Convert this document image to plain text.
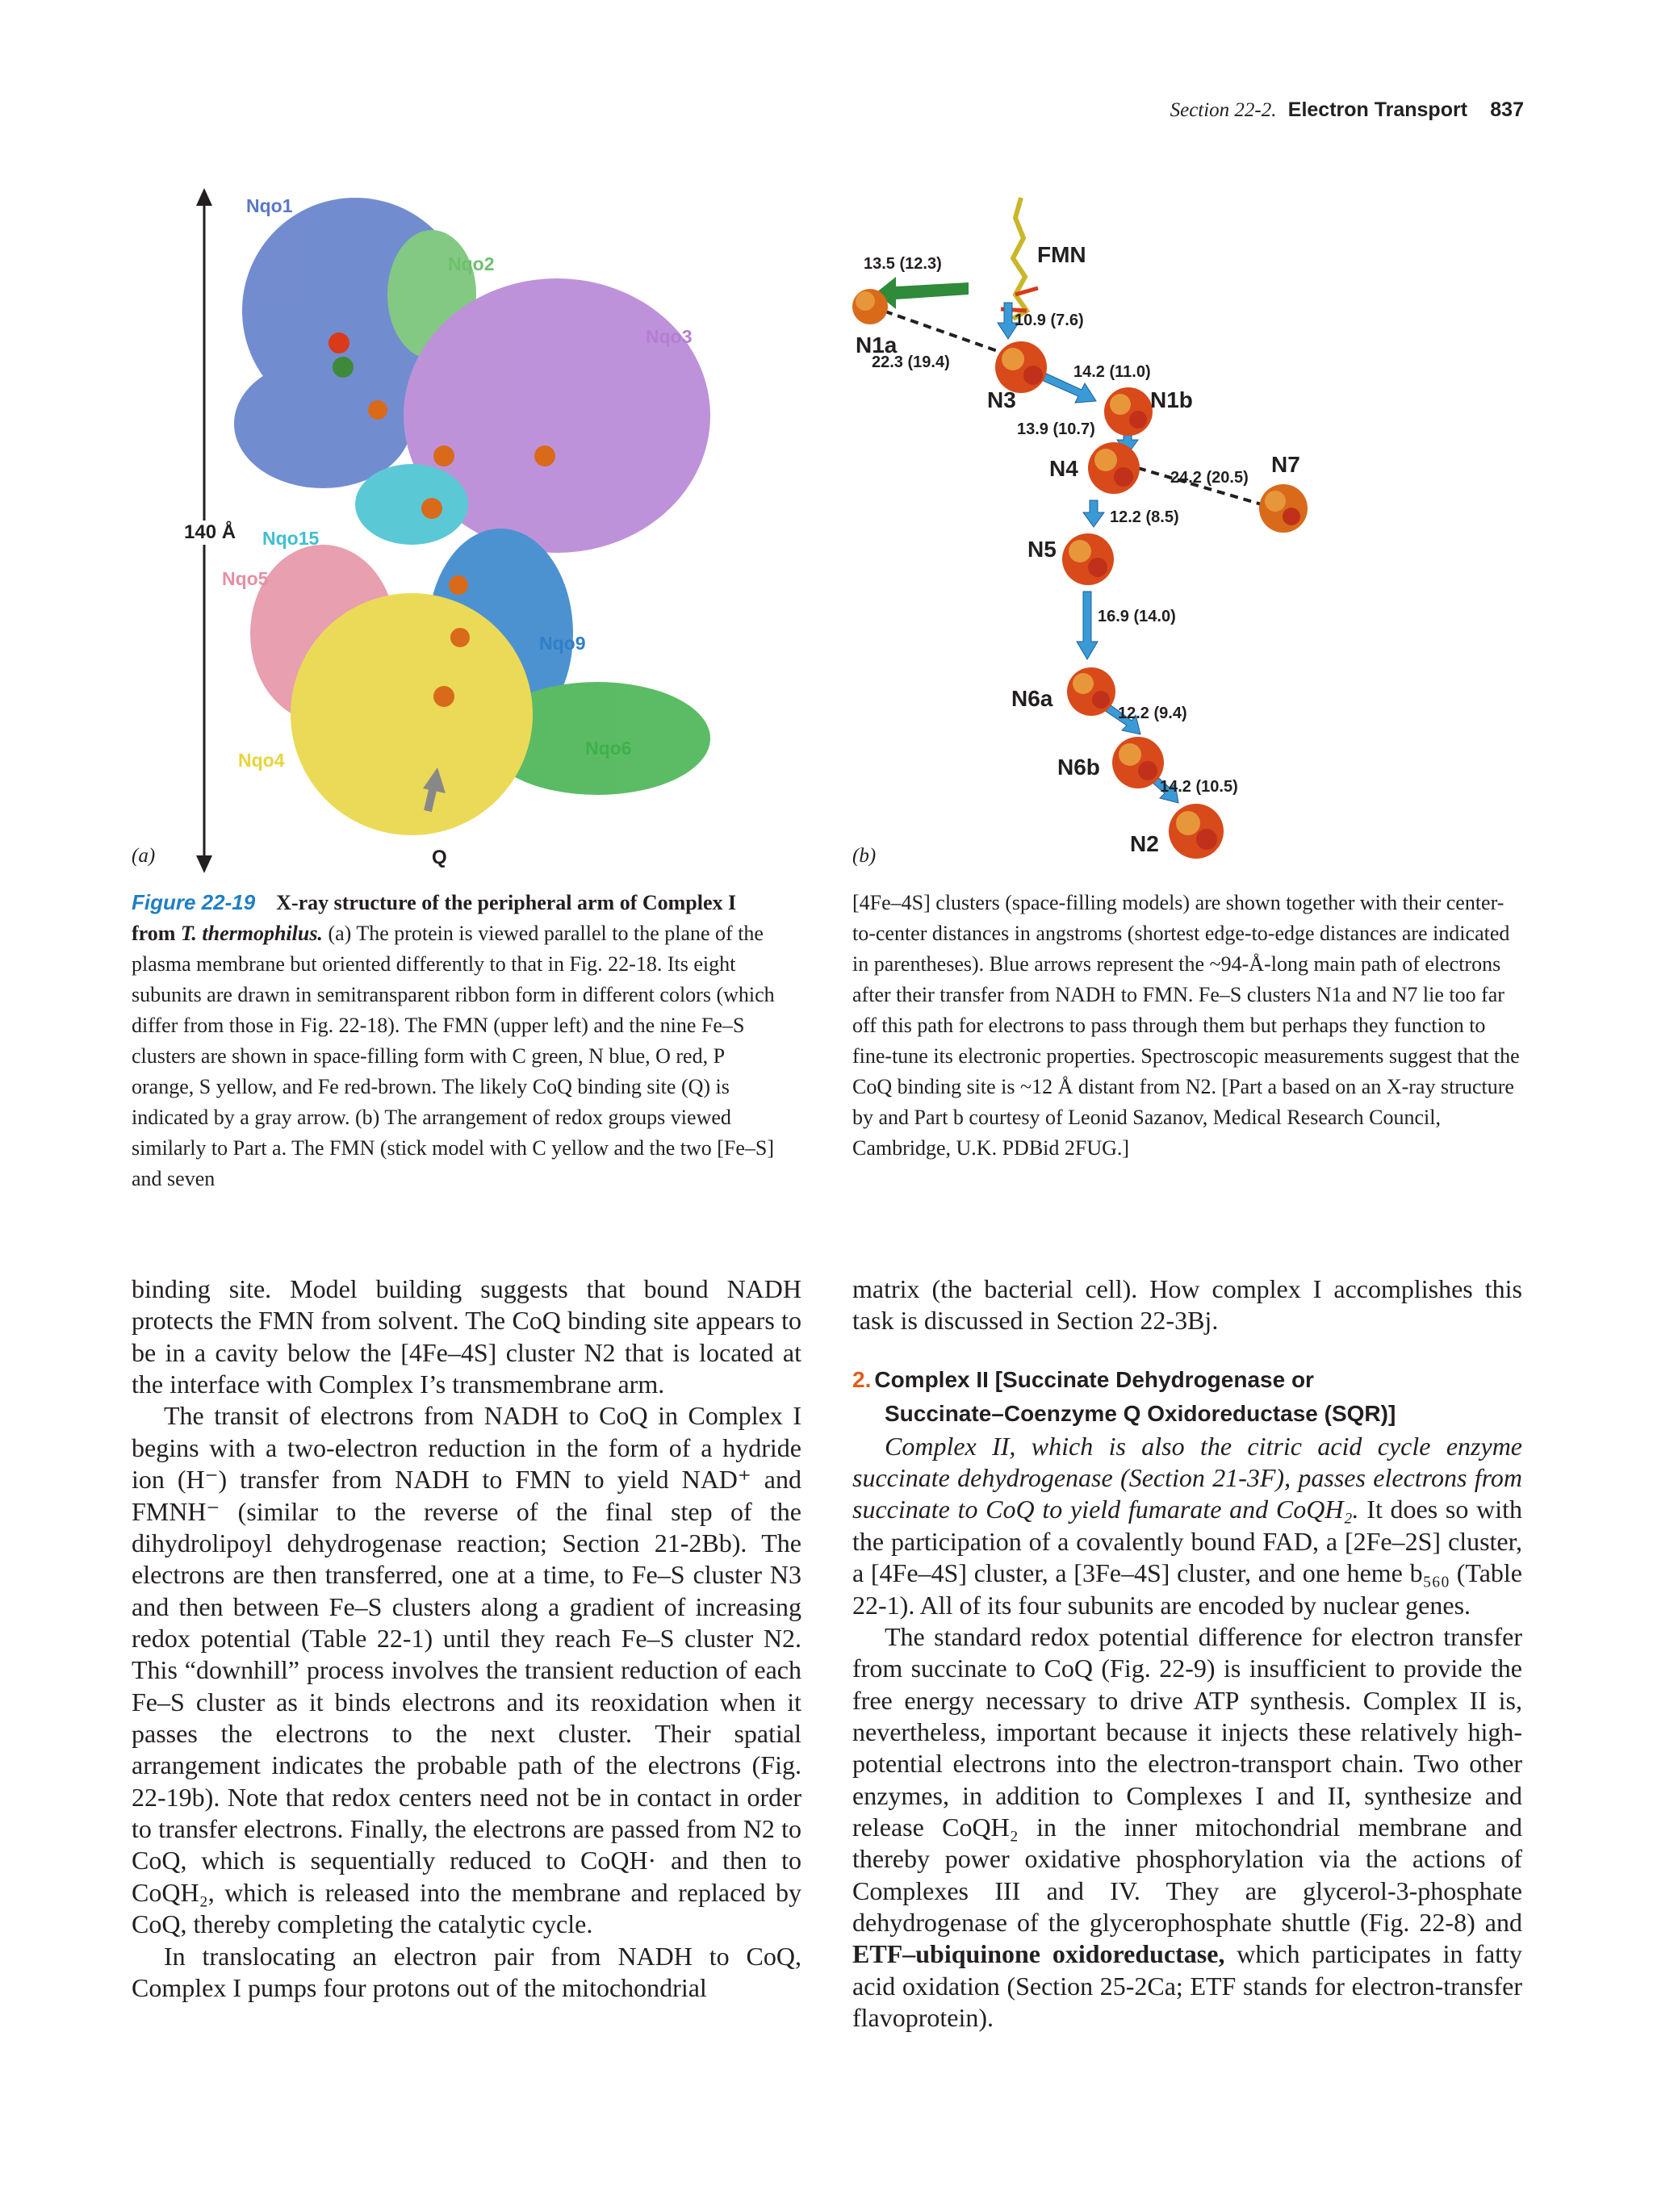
Section 22-2. Electron Transport 837
140 Å
Q
Nqo1
Nqo2
Nqo3
Nqo15
Nqo5
Nqo9
Nqo6
Nqo4
(a)
FMN
N1a
N3	N1b
N4	N7
N5
N6a
N6b
N2
13.5 (12.3)
10.9 (7.6)
22.3 (19.4)
14.2 (11.0)
13.9 (10.7)
24.2 (20.5)
12.2 (8.5)
16.9 (14.0)
12.2 (9.4)
14.2 (10.5)
(b)

Figure 22-19 X-ray structure of the peripheral arm of Complex I from T. thermophilus. (a) The protein is viewed parallel to the plane of the plasma membrane but oriented differently to that in Fig. 22-18. Its eight subunits are drawn in semitransparent ribbon form in different colors (which differ from those in Fig. 22-18). The FMN (upper left) and the nine Fe–S clusters are shown in space-filling form with C green, N blue, O red, P orange, S yellow, and Fe red-brown. The likely CoQ binding site (Q) is indicated by a gray arrow. (b) The arrangement of redox groups viewed similarly to Part a. The FMN (stick model with C yellow and the two [Fe–S] and seven

[4Fe–4S] clusters (space-filling models) are shown together with their center-to-center distances in angstroms (shortest edge-to-edge distances are indicated in parentheses). Blue arrows represent the ~94-Å-long main path of electrons after their transfer from NADH to FMN. Fe–S clusters N1a and N7 lie too far off this path for electrons to pass through them but perhaps they function to fine-tune its electronic properties. Spectroscopic measurements suggest that the CoQ binding site is ~12 Å distant from N2. [Part a based on an X-ray structure by and Part b courtesy of Leonid Sazanov, Medical Research Council, Cambridge, U.K. PDBid 2FUG.]

binding site. Model building suggests that bound NADH protects the FMN from solvent. The CoQ binding site appears to be in a cavity below the [4Fe–4S] cluster N2 that is located at the interface with Complex I’s transmembrane arm.

The transit of electrons from NADH to CoQ in Complex I begins with a two-electron reduction in the form of a hydride ion (H⁻) transfer from NADH to FMN to yield NAD⁺ and FMNH⁻ (similar to the reverse of the final step of the dihydrolipoyl dehydrogenase reaction; Section 21-2Bb). The electrons are then transferred, one at a time, to Fe–S cluster N3 and then between Fe–S clusters along a gradient of increasing redox potential (Table 22-1) until they reach Fe–S cluster N2. This “downhill” process involves the transient reduction of each Fe–S cluster as it binds electrons and its reoxidation when it passes the electrons to the next cluster. Their spatial arrangement indicates the probable path of the electrons (Fig. 22-19b). Note that redox centers need not be in contact in order to transfer electrons. Finally, the electrons are passed from N2 to CoQ, which is sequentially reduced to CoQH· and then to CoQH₂, which is released into the membrane and replaced by CoQ, thereby completing the catalytic cycle.

In translocating an electron pair from NADH to CoQ, Complex I pumps four protons out of the mitochondrial

matrix (the bacterial cell). How complex I accomplishes this task is discussed in Section 22-3Bj.

2. Complex II [Succinate Dehydrogenase or
Succinate–Coenzyme Q Oxidoreductase (SQR)]

Complex II, which is also the citric acid cycle enzyme succinate dehydrogenase (Section 21-3F), passes electrons from succinate to CoQ to yield fumarate and CoQH₂. It does so with the participation of a covalently bound FAD, a [2Fe–2S] cluster, a [4Fe–4S] cluster, a [3Fe–4S] cluster, and one heme b₅₆₀ (Table 22-1). All of its four subunits are encoded by nuclear genes.

The standard redox potential difference for electron transfer from succinate to CoQ (Fig. 22-9) is insufficient to provide the free energy necessary to drive ATP synthesis. Complex II is, nevertheless, important because it injects these relatively high-potential electrons into the electron-transport chain. Two other enzymes, in addition to Complexes I and II, synthesize and release CoQH₂ in the inner mitochondrial membrane and thereby power oxidative phosphorylation via the actions of Complexes III and IV. They are glycerol-3-phosphate dehydrogenase of the glycerophosphate shuttle (Fig. 22-8) and ETF–ubiquinone oxidoreductase, which participates in fatty acid oxidation (Section 25-2Ca; ETF stands for electron-transfer flavoprotein).
